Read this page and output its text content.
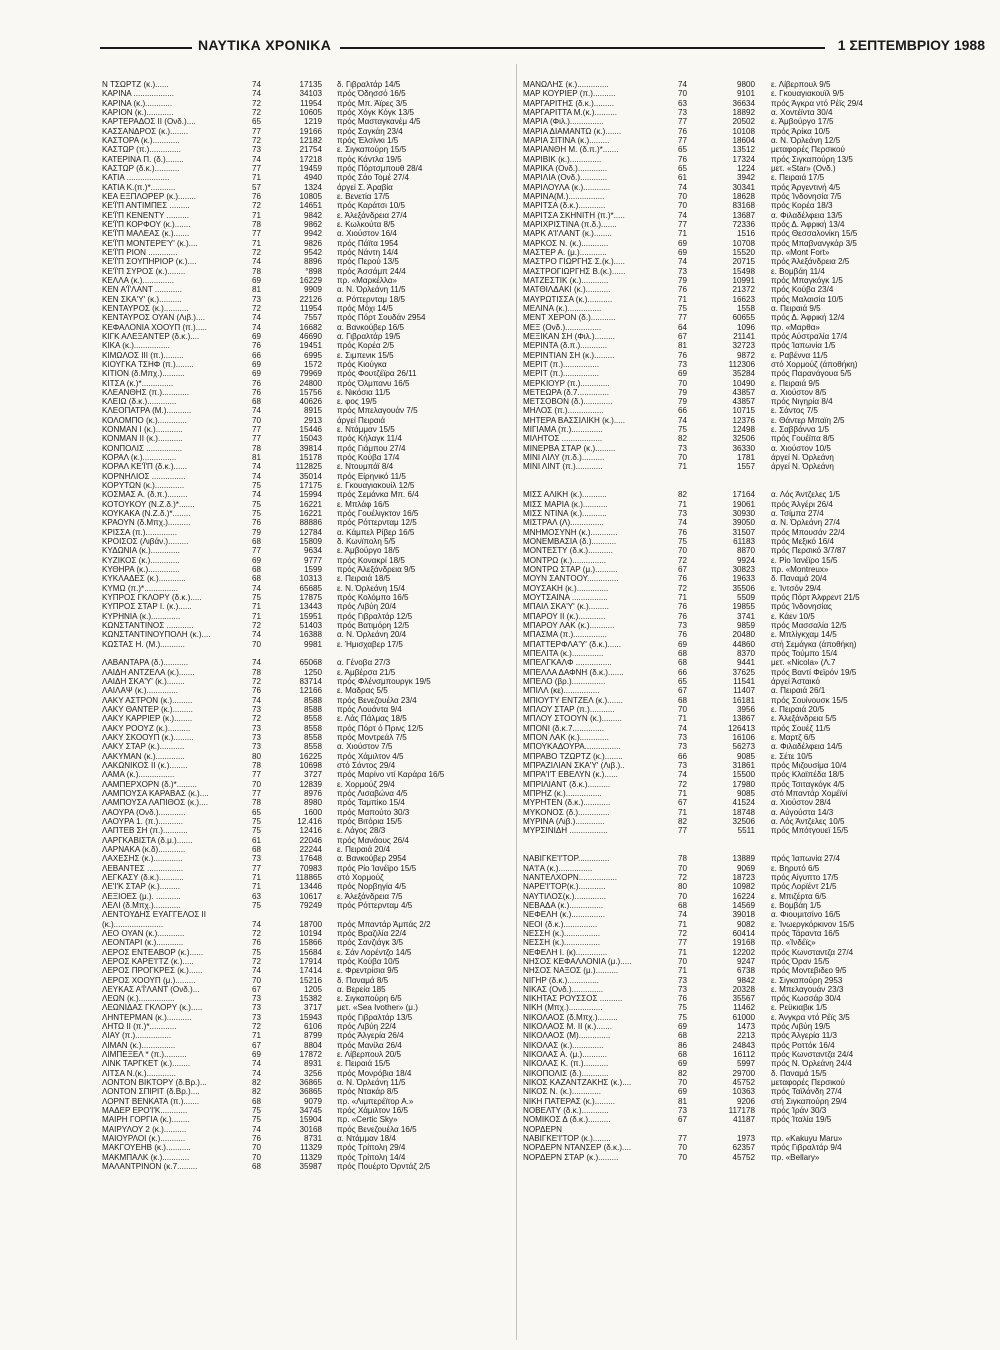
ΝΑΥΤΙΚΑ ΧΡΟΝΙΚΑ	1 ΣΕΠΤΕΜΒΡΙΟΥ 1988
Ν ΤΣΩΡΤΖ (κ.)......	74	17135 δ. Γιβραλτάρ 14/5
ΚΑΡΙΝΑ ..................	74	34103 πρός Όδησσό 16/5
ΚΑΡΙΝΑ (κ.)............	72	11954 πρός Μπ. Άϊρες 3/5
ΚΑΡΙΟΝ (κ.)............	72	10605 πρός Χόγκ Κόγκ 13/5
ΚΑΡΤΕΡΑΔΟΣ ΙΙ (Ονδ.)....	65	1219 πρός Μασταγκανέμ 4/5
ΚΑΣΣΑΝΔΡΟΣ (κ.)........	77	19166 πρός Σαγκάη 23/4
ΚΑΣΤΟΡΑ (κ.)............	72	12182 πρός Έλσίνκι 1/5
ΚΑΣΤΩΡ (π.)..............	73	21754 ε. Σιγκαπούρη 15/5
ΚΑΤΕΡΙΝΑ Π. (δ.)........	74	17218 πρός Κάντλα 19/5
ΚΑΣΤΩΡ (δ.κ.)...........	77	19459 πρός Πόρτσμπουθ 28/4
ΚΑΤΙΑ ...................	71	4940 πρός Σάο Τομέ 27/4
ΚΑΤΙΑ Κ.(π.)*...........	57	1324 άργεί Σ. Άραβία
ΚΕΑ ΕΞΠΛΟΡΕΡ (κ.)........	76	10805 ε. Βενετία 17/5
ΚΕ'Ϊ'Π ΑΝΤΙΜΠΕΣ .........	72	14651 πρός Καράτσι 10/5
ΚΕ'Ϊ'Π ΚΕΝΕΝΤΥ ..........	71	9842 ε. Άλεξάνδρεια 27/4
ΚΕ'Ϊ'Π ΚΟΡΦΟΥ (κ.).......	78	9862 ε. Κωλκούτα 8/5
ΚΕ'Ϊ'Π ΜΑΛΕΑΣ (κ.).......	77	9942 α. Χιούστον 16/4
ΚΕ'Ϊ'Π ΜΟΝΤΕΡΕ'Υ' (κ.)....	71	9826 πρός Πάϊτα 1954
ΚΕ'Ϊ'Π ΡΙΟΝ .............	72	9542 πρός Νάντη 14/4
ΚΕ'Ϊ'Π ΣΟΥΠΗΡΙΟΡ (κ.)....	74	8896 πρός Περού 13/5
ΚΕ'Ϊ'Π ΣΥΡΟΣ (κ.)........	78	°898 πρός Άσσάμπ 24/4
ΚΕΛΛΑ (κ.)..............	69	16229 πρ. «Μαρκέλλα»
ΚΕΝ Α'Ϊ'ΛΑΝΤ ............	81	9909 α. Ν. Όρλεάνη 11/5
ΚΕΝ ΣΚΑ'Υ' (κ.)..........	73	22126 α. Ρόττερνταμ 18/5
ΚΕΝΤΑΥΡΟΣ (κ.)...........	72	11954 πρός Μόχι 14/5
ΚΕΝΤΑΥΡΟΣ ΟΥΑΝ (Λιβ.)....	74	7557 πρός Πόρτ Σουδάν 2954
ΚΕΦΑΛΟΝΙΑ ΧΟΟΥΠ (π.).....	74	16682 α. Βανκούβερ 16/5
ΚΙΓΚ ΑΛΕΞΑΝΤΕΡ (δ.κ.)....	69	46690 α. Γιβραλτάρ 19/5
ΚΙΚΑ (κ.)................	76	19451 πρός Κορέα 2/5
ΚΙΜΩΛΟΣ ΙΙΙ (π.).........	66	6995 ε. Σιμπενικ 15/5
ΚΙΟΥΓΚΑ ΤΣΗΦ (π.)........	69	1572 πρός Κιούγκα
ΚΙΤΙΟΝ (δ.Μπχ.)..........	69	79969 πρός Φουτζέϊρα 26/11
ΚΙΤΣΑ (κ.)*..............	76	24800 πρός Όλμπανυ 16/5
ΚΛΕΑΝΘΗΣ (π.)............	76	15756 ε. Νικόσια 11/5
ΚΛΕΙΩ (δ.κ.).............	68	40626 ε. φος 19/5
ΚΛΕΟΠΑΤΡΑ (Μ.)...........	74	8915 πρός Μπελαγουάν 7/5
ΚΟΛΟΜΠΟ (κ.).............	70	2913 άργεί Πειραιά
ΚΟΝΜΑΝ Ι (κ.)............	77	15446 ε. Ντάμμαν 15/5
ΚΟΝΜΑΝ ΙΙ (κ.)...........	77	15043 πρός Κήλαγκ 11/4
ΚΟΝΠΟΛΙΣ ................	78	39814 πρός Γιάμπου 27/4
ΚΟΡΑΛ (κ.)...............	81	15178 πρός Κούβα 17/4
ΚΟΡΑΛ ΚΕ'Ϊ'Π (δ.κ.)......	74	112825 ε. Ντουμπάϊ 8/4
ΚΟΡΝΗΛΙΟΣ ...............	74	35014 πρός Είρηνικό 11/5
ΚΟΡΥΤΩΝ (κ.).............	75	17175 ε. Γκουαγιακουίλ 12/5
ΚΟΣΜΑΣ Α. (δ.π.).........	74	15994 πρός Σεμάνκα Μπ. 6/4
ΚΟΤΟΥΚΟΥ (Ν.Ζ.δ.)*.......	75	16221 ε. Μπλάφ 16/5
ΚΟΥΚΑΚΑ (Ν.Ζ.δ.)*........	75	16221 πρός Γουέλιγκτον 16/5
ΚΡΑΟΥΝ (δ.Μπχ.)..........	76	88886 πρός Ρόττερνταμ 12/5
ΚΡΙΣΣΑ (π.)..............	79	12784 α. Κάμπελ Ρίβερ 16/5
ΚΡΟΙΣΟΣ (Λιβάν.).........	68	15809 δ. Κωνϊπολη 5/5
ΚΥΔΩΝΙΑ (κ.).............	77	9634 ε. Άμβούργο 18/5
ΚΥΖΙΚΟΣ (κ.).............	69	9777 πρός Κονακρί 18/5
ΚΥΘΗΡΑ (κ.)..............	68	1599 πρός Άλεξάνδρεια 9/5
ΚΥΚΛΑΔΕΣ (κ.)............	68	10313 ε. Πειραιά 18/5
ΚΥΜΩ (π.)*...............	74	65685 ε. Ν. Όρλεάνη 15/4
ΚΥΠΡΟΣ ΓΚΛΟΡΥ (δ.κ.).....	75	17875 πρός Κολόμπο 16/5
ΚΥΠΡΟΣ ΣΤΑΡ Ι. (κ.)......	71	13443 πρός Λιβύη 20/4
ΚΥΡΗΝΙΑ (κ.).............	71	15951 πρός Γιβραλτάρ 12/5
ΚΩΝΣΤΑΝΤΙΝΟΣ ............	72	51403 πρός Βατιμόρη 12/5
ΚΩΝΣΤΑΝΤΙΝΟΥΠΟΛΗ (κ.)....	74	16388 α. Ν. Όρλεάνη 20/4
ΚΩΣΤΑΣ Η. (Μ.)...........	70	9981 ε. Ήμισχαβερ 17/5
ΛΑΒΑΝΤΑΡΑ (δ.)...........	74	65068 α. Γένοβα 27/3
ΛΑΙΔΗ ΑΝΤΖΕΛΑ (κ.).......	78	1250 ε. Άμβέρσα 21/5
ΛΑΙΔΗ ΣΚΑ'Υ' (κ.)........	72	83714 πρός Φλένσμπουργκ 19/5
ΛΑΙΛΑΨ (κ.)..............	76	12166 ε. Μαδρας 5/5
ΛΑΚΥ ΑΣΤΡΟΝ (κ.).........	74	8588 πρός Βενεζουέλα 23/4
ΛΑΚΥ ΘΑΝΤΕΡ (κ.).........	73	8588 πρός Λουάντα 9/4
ΛΑΚΥ ΚΑΡΡΙΕΡ (κ.)........	72	8558 ε. Λάς Πάλμας 18/5
ΛΑΚΥ ΡΟΟΥΖ (κ.)..........	73	8558 πρός Πόρτ ό Πρινς 12/5
ΛΑΚΥ ΣΚΟΟΥΠ (κ.).........	73	8558 πρός Μοντρεάλ 7/5
ΛΑΚΥ ΣΤΑΡ (κ.)...........	73	8558 α. Χιούστον 7/5
ΛΑΚΥΜΑΝ (κ.).............	80	16225 πρός Χάμιλτον 4/5
ΛΑΚΩΝΙΚΟΣ ΙΙ (κ.)........	78	10698 στό Σάντος 29/4
ΛΑΜΑ (κ.)................	77	3727 πρός Μαρίνο ντί Καράρα 16/5
ΛΑΜΠΕΡΧΟΡΝ (δ.)*.........	70	12839 ε. Χορμούζ 29/4
ΛΑΜΠΟΥΣΑ ΚΑΡΑΒΑΣ (κ.)....	77	8976 πρός Λισαβώνα 4/5
ΛΑΜΠΟΥΣΑ ΛΑΠΙΘΟΣ (κ.)....	78	8980 πρός Ταμπίκο 15/4
ΛΑΟΥΡΑ (Ονδ.)............	65	1600 πρός Μαπούτο 30/3
ΛΑΟΥΡΑ 1. (π.)...........	75	12.416 πρός Βιτόρια 15/5
ΛΑΠΤΕΒ ΣΗ (π.)...........	75	12416 ε. Λάγος 28/3
ΛΑΡΓΚΑΒΙΣΤΑ (δ.μ.).......	61	22046 πρός Μανάους 26/4
ΛΑΡΝΑΚΑ (κ.δ)............	68	22244 ε. Πειραιά 20/4
ΛΑΧΕΣΗΣ (κ.).............	73	17648 α. Βανκούβερ 2954
ΛΕΒΑΝΤΕΣ ................	77	70983 πρός Ρίο Ίανέϊρο 15/5
ΛΕΓΚΑΣΥ (δ.κ.)...........	71	118865 στό Χορμούζ
ΛΕ'Ι'Κ ΣΤΑΡ (κ.).........	71	13446 πρός Νορβηγία 4/5
ΛΕΞΙΟΕΣ (μ.). ...........	63	10617 ε. Άλεξάνδρεια 7/5
ΛΕΛΙ (δ.Μπχ.)............	75	79249 πρός Ρόττερνταμ 4/5
ΛΕΝΤΟΥΔΗΣ ΕΥΑΓΓΕΛΟΣ ΙΙ
(κ.)......................	74	18700 πρός Μπαντάρ Άμπάς 2/2
ΛΕΟ ΟΥΑΝ (κ.)............	72	10194 πρός Βραζιλία 22/4
ΛΕΟΝΤΑΡΙ (κ.)............	76	15866 πρός Σανζιάγκ 3/5
ΛΕΡΟΣ ΕΝΤΕΑΒΟΡ (κ.)......	75	15684 ε. Σάν Λορέντζο 14/5
ΛΕΡΟΣ ΚΑΡΕ'Ι'ΤΖ (κ.).....	72	17914 πρός Κούβα 10/5
ΛΕΡΟΣ ΠΡΟΓΚΡΕΣ (κ.)......	74	17414 ε. Φρεντρίσια 9/5
ΛΕΡΟΣ ΧΟΟΥΠ (μ.).........	70	15216 δ. Παναμά 8/5
ΛΕΥΚΑΣ Α'Ϊ'ΛΑΝΤ (Ονδ.)...	67	1205 α. Βερεία 185
ΛΕΩΝ (κ.)................	73	15382 ε. Σιγκαπούρη 6/5
ΛΕΩΝΙΔΑΣ ΓΚΛΟΡΥ (κ.).....	73	3717 μετ. «Sea Ivother» (μ.)
ΛΗΝΤΕΡΜΑΝ (κ.)...........	73	15943 πρός Γιβραλτάρ 13/5
ΛΗΤΩ ΙΙ (π.)*............	72	6106 πρός Λιβύη 22/4
ΛΙΑΥ (π.)................	71	8799 πρός Άλγερία 26/4
ΛΙΜΑΝ (κ.)...............	67	8804 πρός Μανίλα 26/4
ΛΙΜΠΕΞΕΛ * (π.)..........	69	17872 ε. Λίβερπουλ 20/5
ΛΙΝΚ ΤΑΡΓΚΕΤ (κ.)........	74	8931 ε. Πειραιά 15/5
ΛΙΤΣΑ Ν.(κ.).............	74	3256 πρός Μονρόβια 18/4
ΛΟΝΤΟΝ ΒΙΚΤΟΡΥ (δ.Βρ.)...	82	36865 α. Ν. Όρλεάνη 11/5
ΛΟΝΤΟΝ ΣΠΙΡΙΤ (δ.Βρ.)....	82	36865 πρός Ντακάρ 8/5
ΛΟΡΝΤ ΒΕΝΚΑΤΑ (π.).......	68	9079 πρ. «Λιμπερέϊτορ Α.»
ΜΑΔΕΡ ΕΡΟ'Ι'Κ............	75	34745 πρός Χάμιλτον 16/5
ΜΑΙΡΗ ΓΟΡΓΙΑ (κ.)........	75	15904 πρ. «Certic Sky»
ΜΑΙΡΥΛΟΥ 2 (κ.)..........	74	30168 πρός Βενεζουέλα 16/5
ΜΑΙΟΥΡΛΟΙ (κ.)...........	76	8731 α. Ντάμμαν 18/4
ΜΑΚΓΟΥΕΗΒ (κ.)...........	70	11329 πρός Τρίπολη 29/4
ΜΑΚΜΠΑΛΚ (κ.)............	70	11329 πρός Τρίπολη 14/4
ΜΑΛΑΝΤΡΙΝΟΝ (κ.7.........	68	35987 πρός Πουέρτο Όρντάζ 2/5
ΜΑΝΩΛΗΣ (κ.)..............	74	9800 ε. Λίβερπουλ 9/5
ΜΑΡ ΚΟΥΡΙΕΡ (π.)..........	70	9101 ε. Γκουαγιακουϊλ 9/5
ΜΑΡΓΑΡΙΤΗΣ (δ.κ.).........	63	36634 πρός Άγκρα ντό Ρέϊς 29/4
ΜΑΡΓΑΡΙΤΤΑ Μ.(κ.)..........	73	18892 α. Χοντέϊντα 30/4
ΜΑΡΙΑ (Φιλ.)...............	77	20502 ε. Άμβούργο 17/5
ΜΑΡΙΑ ΔΙΑΜΑΝΤΩ (κ.).......	76	10108 πρός Άρίκα 10/5
ΜΑΡΙΑ ΣΙΤΙΝΑ (κ.).........	77	18604 α. Ν. Όρλεάνη 12/5
ΜΑΡΙΑΝΘΗ Μ. (δ.π.)*.......	65	13512 μεταφορές Περσικού
ΜΑΡΙΒΙΚ (κ.)..............	76	17324 πρός Σιγκαπούρη 13/5
ΜΑΡΙΚΑ (Ονδ.).............	65	1224 μετ. «Star» (Ονδ.)
ΜΑΡΙΛΙΑ (Ονδ.)............	61	3942 ε. Πειραιά 17/5
ΜΑΡΙΛΟΥΛΑ (κ.)............	74	30341 πρός Άργεντινή 4/5
ΜΑΡΙΝΑ(Μ.)................	70	18628 πρός Ίνδονησία 7/5
ΜΑΡΙΤΣΑ (δ.κ.)............	70	83168 πρός Κορέα 18/3
ΜΑΡΙΤΣΑ ΣΚΗΝΙΤΗ (π.)*.....	74	13687 α. Φιλαδέλφεια 13/5
ΜΑΡΙΧΡΙΣΤΙΝΑ (π.δ.).......	77	72336 πρός Δ. Άφρική 13/4
ΜΑΡΚ Α'Ι'ΛΑΝΤ (κ.)........	71	1516 πρός Θεσσαλονίκη 15/5
ΜΑΡΚΟΣ Ν. (κ.)............	69	10708 πρός Μπαβνανγκάρ 3/5
ΜΑΣΤΕΡ Α. (μ.)............	69	15520 πρ. «Mont Fort»
ΜΑΣΤΡΟ ΓΙΩΡΓΗΣ Σ.(κ.).....	74	20715 πρός Άλεξάνδρεια 2/5
ΜΑΣΤΡΟΓΙΩΡΓΗΣ Β.(κ.)......	73	15498 ε. Βομβάη 11/4
ΜΑΤΖΕΣΤΙΚ (κ.)............	79	10991 πρός Μπαγκόγκ 1/5
ΜΑΤΘΙΛΔΑΚΙ (κ.)...........	76	21372 πρός Κούβα 23/4
ΜΑΥΡΩΤΙΣΣΑ (κ.)...........	71	16623 πρός Μαλαισία 10/5
ΜΕΛΙΝΑ (κ.)...............	75	1558 α. Πειραιά 9/5
ΜΕΝΤ ΧΕΡΟΝ (δ.)...........	77	60655 πρός Δ. Άφρική 12/4
ΜΕΞ (Ονδ.)................	64	1096 πρ. «Μαρθα»
ΜΕΞΙΚΑΝ ΣΗ (Φιλ.).........	67	21141 πρός Αύστραλία 17/4
ΜΕΡΙΝΤΑ (δ.π.)............	81	32723 πρός Ίαπωνία 1/5
ΜΕΡΙΝΤΙΑΝ ΣΗ (κ.).........	76	9872 ε. Ραβέννα 11/5
ΜΕΡΙΤ (π.)................	73	112306 στό Χορμούζ (άποθήκη)
ΜΕΡΙΤ (π.)................	69	35284 πρός Παρανάγουα 5/5
ΜΕΡΚΙΟΥΡ (π.).............	70	10490 ε. Πειραιά 9/5
ΜΕΤΕΩΡΑ (δ.7..............	79	43857 α. Χιούστον 8/5
ΜΕΤΣΟΒΟΝ (δ.).............	79	43857 πρός Νιγηρία 8/4
ΜΗΛΟΣ (π.)................	66	10715 ε. Σάντος 7/5
ΜΗΤΕΡΑ ΒΑΣΣΙΛΙΚΗ (κ.).....	74	12376 ε. Θάντερ Μπαϊη 2/5
ΜΙΓΙΑΜΑ (π.)..............	75	12498 ε. Σαββάννα 1/5
ΜΙΛΗΤΟΣ ..................	82	32506 πρός Γουέϊπα 8/5
ΜΙΝΕΡΒΑ ΣΤΑΡ (κ.).........	73	36330 α. Χιούστον 10/5
ΜΙΝΙ ΛΙΛΥ (π.δ.)..........	70	1781 άργεί Ν. Όρλεάνη
ΜΙΝΙ ΛΙΝΤ (π.)............	71	1557 άργεί Ν. Όρλεάνη
ΜΙΣΣ ΑΛΙΚΗ (κ.)...........	82	17164 α. Λός Άντζελες 1/5
ΜΙΣΣ ΜΑΡΙΑ (κ.)...........	71	19061 πρός Άλγέρι 26/4
ΜΙΣΣ ΝΤΙΝΑ (κ.)...........	73	30930 α. Τσίμπα 27/4
ΜΙΣΤΡΑΛ (Λ)...............	74	39050 α. Ν. Όρλεάνη 27/4
ΜΝΗΜΟΣΥΝΗ (κ.)............	76	31507 πρός Μπουσάν 22/4
ΜΟΝΕΜΒΑΣΙΑ (δ.)...........	75	61183 πρός Μεξικό 16/4
ΜΟΝΤΕΣΤΥ (δ.κ.)...........	70	8870 πρός Περσικό 3/7/87
ΜΟΝΤΡΩ (κ.)...............	72	9924 ε. Ρίο Ίανέϊρο 15/5
ΜΟΝΤΡΩ ΣΤΑΡ (μ.)..........	67	30823 πρ. «Montreux»
ΜΟΥΝ ΣΑΝΤΟΟΥ..............	76	19633 δ. Παναμά 20/4
ΜΟΥΣΑΚΗ (κ.)..............	72	35506 ε. Ίντσόν 29/4
ΜΟΥΤΣΑΙΝΑ ................	71	5509 πρός Πόρτ Άλφρεντ 21/5
ΜΠΑΙΛ ΣΚΑ'Υ' (κ.).........	76	19855 πρός Ίνδονησίας
ΜΠΑΡΟΥ ΙΙ (κ.)............	76	3741 ε. Κάεν 10/5
ΜΠΑΡΟΥ ΛΑΚ (κ.)...........	73	9859 πρός Μασσαλία 12/5
ΜΠΑΣΜΑ (π.)...............	76	20480 ε. Μπλίγκχαμ 14/5
ΜΠΑΤΤΕΡΦΛΑ'Υ' (δ.κ.)......	69	44860 στή Σεμάγκα (άποθήκη)
ΜΠΕΛΙΤΑ (κ.)..............	68	8370 πρός Τούμπο 15/4
ΜΠΕΛΓΚΑΛΦ ................	68	9441 μετ. «Nicola» (Λ.7
ΜΠΕΛΛΑ ΔΑΦΝΗ (δ.κ.).......	66	37625 πρός Βαντί Φεϊρόν 19/5
ΜΠΕΛΟ (βρ.)...............	65	11541 άργεί Άσταικό
ΜΠΙΛΛ (κε)................	67	11407 α. Πειραιά 26/1
ΜΠΙΟΥΤΥ ΕΝΤΖΕΛ (κ.).......	68	16181 πρός Σουίνουσκ 15/5
ΜΠΛΟΥ ΣΤΑΡ (π.)...........	70	3956 ε. Πειραιά 20/5
ΜΠΛΟΥ ΣΤΟΟΥΝ (κ.).........	71	13867 ε. Άλεξάνδρεια 5/5
ΜΠΟΝΙ (δ.κ.7..............	74	126413 πρός Σουέζ 11/5
ΜΠΟΝ ΛΑΚ (κ.).............	73	16106 ε. Μαρτζ 6/5
ΜΠΟΥΚΑΔΟΥΡΑ................	73	56273 α. Φιλαδέλφεια 14/5
ΜΠΡΑΒΟ ΤΖΩΡΤΖ (κ.)........	66	9085 ε. Σέτε 10/5
ΜΠΡΑΖΙΛΙΑΝ ΣΚΑ'Υ' (Λιβ.)..	73	31861 πρός Μιζουσίμα 10/4
ΜΠΡΑ'Ι'Τ ΕΒΕΛΥΝ (κ.)......	74	15500 πρός Κλαϊπέδα 18/5
ΜΠΡΙΛΙΑΝΤ (δ.κ.)..........	72	17980 πρός Τσιταγκόγκ 4/5
ΜΠΡΗΖ (κ.)................	71	9085 στό Μπαντάρ Χομέϊνί
ΜΥΡΗΤΕΝ (δ.κ.)............	67	41524 α. Χιούστον 28/4
ΜΥΚΟΝΟΣ (δ.)..............	71	18748 α. Αύγούστα 14/3
ΜΥΡΙΝΑ (Λιβ.).............	82	32506 α. Λός Άντζελες 10/5
ΜΥΡΣΙΝΙΔΗ .................	77	5511 πρός Μπότγουεϊ 15/5
ΝΑΒΙΓΚΕ'Ι'ΤΟΡ..............	78	13889 πρός Ίαπωνία 27/4
ΝΑ'Ι'Α (κ.)...............	70	9069 ε. Βηρυτό 6/5
ΝΑΝΤΕΛΧΟΡΝ.................	72	18723 πρός Αίγυπτο 17/5
ΝΑΡΕ'Ι'ΤΟΡ(κ.)............	80	10982 πρός Λορϊέντ 21/5
ΝΑΥΤΙΛΟΣ(κ.)..............	70	16224 ε. Μπιζέρτα 6/5
ΝΕΒΑΔΑ (κ.)...............	68	14569 ε. Βομβάη 1/5
ΝΕΦΕΛΗ (κ.)...............	74	39018 α. Φιουμιτσίνο 16/5
ΝΕΟΙ (δ.κ.)...............	71	9082 ε. Ίνωεργκόρκινον 15/5
ΝΕΣΣΗ (κ.)................	72	60414 πρός Τάραντα 16/5
ΝΕΣΣΗ (κ.)................	77	19168 πρ. «Ίνδέϊς»
ΝΕΦΕΛΗ Ι. (κ)..............	71	12202 πρός Κωνσταντζα 27/4
ΝΗΣΟΣ ΚΕΦΑΛΛΟΝΙΑ (μ.).....	70	9247 πρός Όραν 15/5
ΝΗΣΟΣ ΝΑΞΟΣ (μ.)..........	71	6738 πρός Μοντεβιδεο 9/5
ΝΙΓΗΡ (δ.κ.)..............	73	9842 ε. Σιγκαπούρη 2953
ΝΙΚΑΣ (Ονδ.)..............	73	20328 ε. Μπελαγουάν 23/3
ΝΙΚΗΤΑΣ ΡΟΥΣΣΟΣ ..........	76	35567 πρός Κωσσάρ 30/4
ΝΙΚΗ (Μπχ.)...............	75	11462 ε. Ρεϋκιαβικ 1/5
ΝΙΚΟΛΑΟΣ (δ.Μπχ.).........	75	61000 ε. Άνγκρα ντό Ρέϊς 3/5
ΝΙΚΟΛΑΟΣ Μ. ΙΙ (κ.).......	69	1473 πρός Λιβύη 19/5
ΝΙΚΟΛΑΟΣ (Μ)..............	68	2213 πρός Άλγερία 11/3
ΝΙΚΟΛΑΣ (κ.)..............	86	24843 πρός Ροττόκ 16/4
ΝΙΚΟΛΑΣ Α. (μ.)...........	68	16112 πρός Κωνσταντζα 24/4
ΝΙΚΟΛΑΣ Κ. (π.)...........	69	5997 πρός Ν. Όρλεάνη 24/4
ΝΙΚΟΠΟΛΙΣ (δ.)............	82	29700 δ. Παναμά 15/5
ΝΙΚΟΣ ΚΑΖΑΝΤΖΑΚΗΣ (κ.)....	70	45752 μεταφορές Περσικού
ΝΙΚΟΣ Ν. (κ.).............	69	10363 πρός Ταϊλάνδη 27/4
ΝΙΚΗ ΠΑΤΕΡΑΣ (κ.).........	81	9206 στή Σιγκαπούρη 29/4
ΝΟΒΕΛΤΥ (δ.κ.)............	73	117178 πρός Ίράν 30/3
ΝΟΜΙΚΟΣ Δ (δ.κ.)..........	67	41187 πρός Ίταλία 19/5
ΝΟΡΔΕΡΝ
ΝΑΒΙΓΚΕ'Ι'ΤΟΡ (κ.)........	77	1973 πρ. «Kakuyu Maru»
ΝΟΡΔΕΡΝ ΝΤΑΝΣΕΡ (δ.κ.)....	70	62357 πρός Γιβραλτάρ 9/4
ΝΟΡΔΕΡΝ ΣΤΑΡ (κ.).........	70	45752 πρ. «Bellary»
